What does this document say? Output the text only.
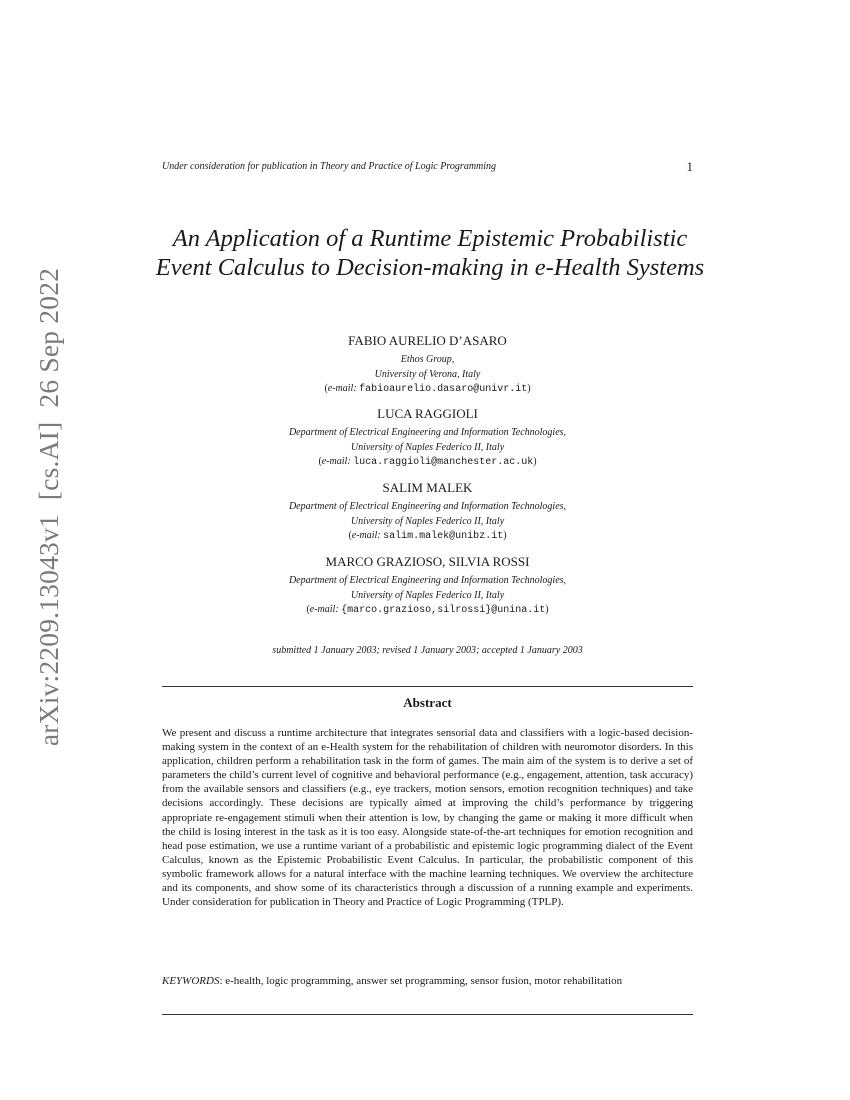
arXiv:2209.13043v1[cs.AI]26 Sep 2022
Under consideration for publication in Theory and Practice of Logic Programming	1
An Application of a Runtime Epistemic Probabilistic Event Calculus to Decision-making in e-Health Systems
FABIO AURELIO D’ASARO
Ethos Group,
University of Verona, Italy
(e-mail: fabioaurelio.dasaro@univr.it)
LUCA RAGGIOLI
Department of Electrical Engineering and Information Technologies,
University of Naples Federico II, Italy
(e-mail: luca.raggioli@manchester.ac.uk)
SALIM MALEK
Department of Electrical Engineering and Information Technologies,
University of Naples Federico II, Italy
(e-mail: salim.malek@unibz.it)
MARCO GRAZIOSO, SILVIA ROSSI
Department of Electrical Engineering and Information Technologies,
University of Naples Federico II, Italy
(e-mail: {marco.grazioso,silrossi}@unina.it)
submitted 1 January 2003; revised 1 January 2003; accepted 1 January 2003
Abstract
We present and discuss a runtime architecture that integrates sensorial data and classifiers with a logic-based decision-making system in the context of an e-Health system for the rehabilitation of children with neuromotor disorders. In this application, children perform a rehabilitation task in the form of games. The main aim of the system is to derive a set of parameters the child’s current level of cognitive and behavioral performance (e.g., engagement, attention, task accuracy) from the available sensors and classifiers (e.g., eye trackers, motion sensors, emotion recognition techniques) and take decisions accordingly. These decisions are typically aimed at improving the child’s performance by triggering appropriate re-engagement stimuli when their attention is low, by changing the game or making it more difficult when the child is losing interest in the task as it is too easy. Alongside state-of-the-art techniques for emotion recognition and head pose estimation, we use a runtime variant of a probabilistic and epistemic logic programming dialect of the Event Calculus, known as the Epistemic Probabilistic Event Calculus. In particular, the probabilistic component of this symbolic framework allows for a natural interface with the machine learning techniques. We overview the architecture and its components, and show some of its characteristics through a discussion of a running example and experiments. Under consideration for publication in Theory and Practice of Logic Programming (TPLP).
KEYWORDS: e-health, logic programming, answer set programming, sensor fusion, motor rehabilitation
